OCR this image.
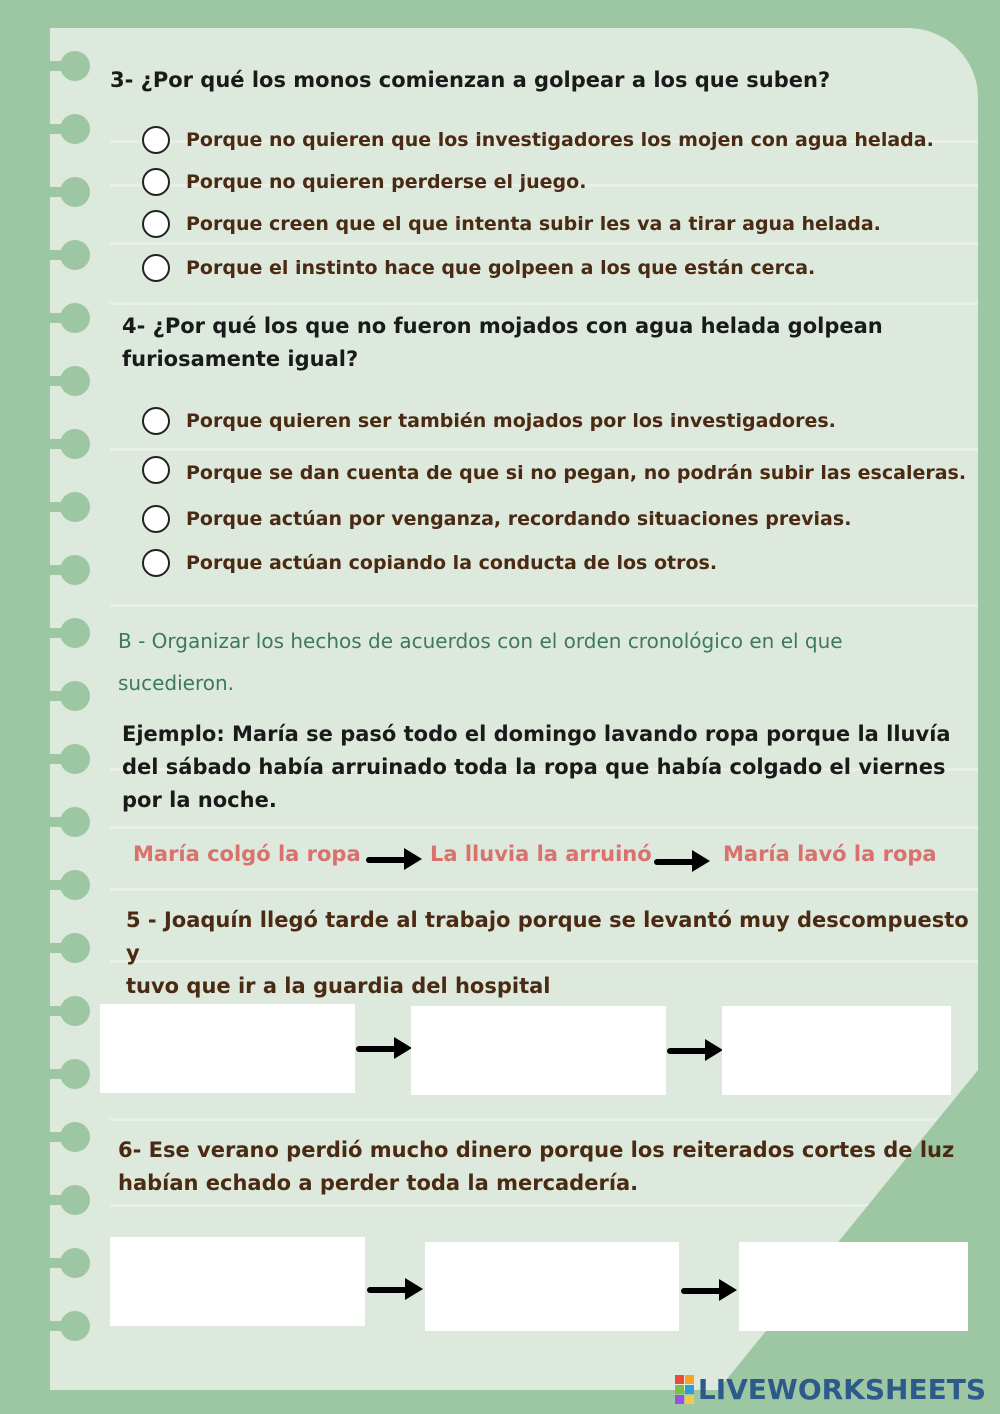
3- ¿Por qué los monos comienzan a golpear a los que suben?
Porque no quieren que los investigadores los mojen con agua helada.
Porque no quieren perderse el juego.
Porque creen que el que intenta subir les va a tirar agua helada.
Porque el instinto hace que golpeen a los que están cerca.
4- ¿Por qué los que no fueron mojados con agua helada golpean
furiosamente igual?
Porque quieren ser también mojados por los investigadores.
Porque se dan cuenta de que si no pegan, no podrán subir las escaleras.
Porque actúan por venganza, recordando situaciones previas.
Porque actúan copiando la conducta de los otros.
B - Organizar los hechos de acuerdos con el orden cronológico en el que
sucedieron.
Ejemplo: María se pasó todo el domingo lavando ropa porque la lluvía
del sábado había arruinado toda la ropa que había colgado el viernes
por la noche.
María colgó la ropa	La lluvia la arruinó	María lavó la ropa
5 - Joaquín llegó tarde al trabajo porque se levantó muy descompuesto y
tuvo que ir a la guardia del hospital
6- Ese verano perdió mucho dinero porque los reiterados cortes de luz
habían echado a perder toda la mercadería.
LIVEWORKSHEETS
